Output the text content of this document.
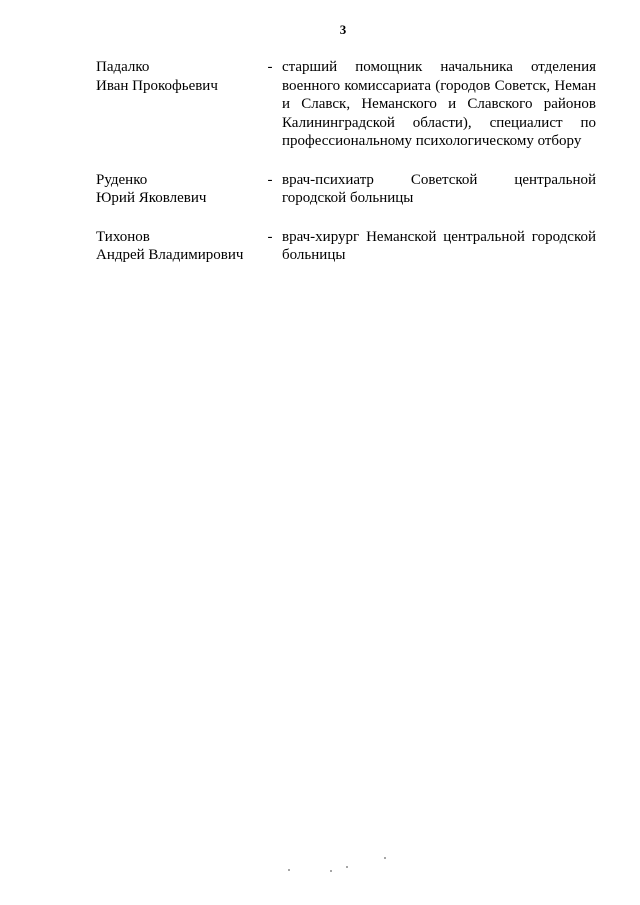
3
Падалко
Иван Прокофьевич
- старший помощник начальника отделения военного комиссариата (городов Советск, Неман и Славск, Неманского и Славского районов Калининградской области), специалист по профессиональному психологическому отбору
Руденко
Юрий Яковлевич
- врач-психиатр Советской центральной городской больницы
Тихонов
Андрей Владимирович
- врач-хирург Неманской центральной городской больницы
